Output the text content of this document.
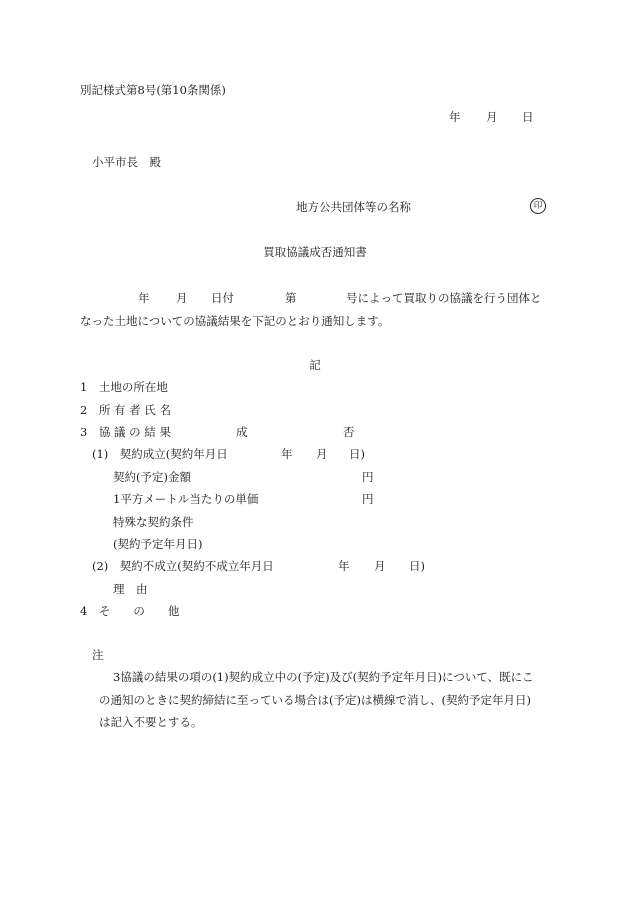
別記様式第8号(第10条関係)
年 月 日
小平市長　殿
地方公共団体等の名称	印
買取協議成否通知書
年 月 日付	第	号によって買取りの協議を行う団体と
なった土地についての協議結果を下記のとおり通知します。
記
1　土地の所在地
2　所 有 者 氏 名
3　協 議 の 結 果	成	否
(1)　契約成立(契約年月日	年 月 日)
契約(予定)金額	円
1平方メートル当たりの単価	円
特殊な契約条件
(契約予定年月日)
(2)　契約不成立(契約不成立年月日	年 月 日)
理　由
4　そ　　の　　他
注
3協議の結果の項の(1)契約成立中の(予定)及び(契約予定年月日)について、既にこ
の通知のときに契約締結に至っている場合は(予定)は横線で消し、(契約予定年月日)
は記入不要とする。
